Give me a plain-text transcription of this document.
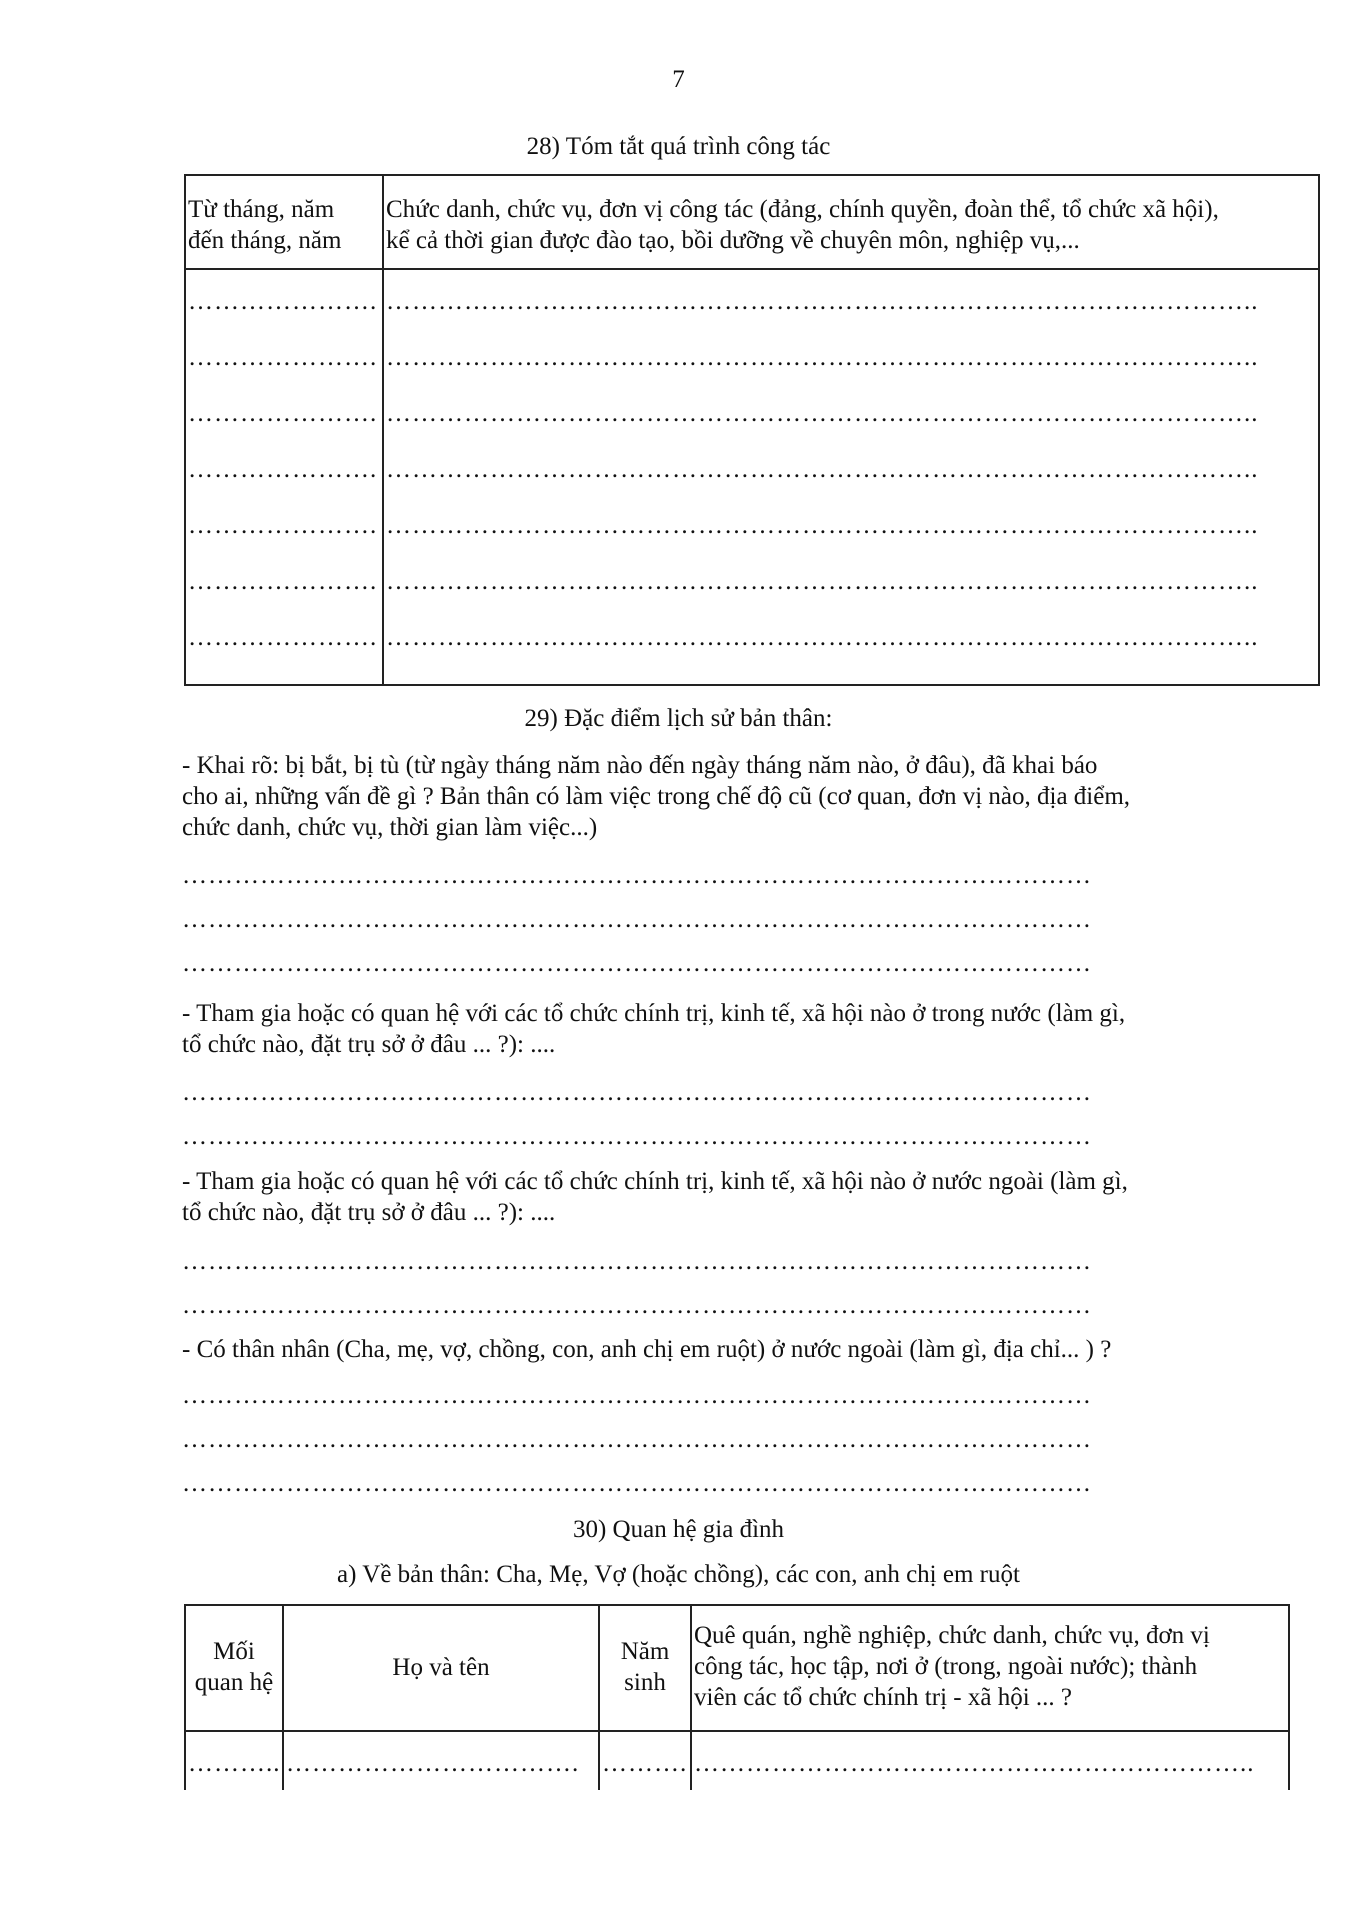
7
28) Tóm tắt quá trình công tác
Từ tháng, năm
đến tháng, năm
Chức danh, chức vụ, đơn vị công tác (đảng, chính quyền, đoàn thể, tổ chức xã hội),
kể cả thời gian được đào tạo, bồi dưỡng về chuyên môn, nghiệp vụ,...
…………………. ………………………………………………………………………………………..
…………………. ………………………………………………………………………………………..
…………………. ………………………………………………………………………………………..
…………………. ………………………………………………………………………………………..
…………………. ………………………………………………………………………………………..
…………………. ………………………………………………………………………………………..
…………………. ………………………………………………………………………………………..
29) Đặc điểm lịch sử bản thân:
- Khai rõ: bị bắt, bị tù (từ ngày tháng năm nào đến ngày tháng năm nào, ở đâu), đã khai báo
cho ai, những vấn đề gì ? Bản thân có làm việc trong chế độ cũ (cơ quan, đơn vị nào, địa điểm,
chức danh, chức vụ, thời gian làm việc...)
……………………………………………………………………………………………
……………………………………………………………………………………………
……………………………………………………………………………………………
- Tham gia hoặc có quan hệ với các tổ chức chính trị, kinh tế, xã hội nào ở trong nước (làm gì,
tổ chức nào, đặt trụ sở ở đâu ... ?): ....
……………………………………………………………………………………………
……………………………………………………………………………………………
- Tham gia hoặc có quan hệ với các tổ chức chính trị, kinh tế, xã hội nào ở nước ngoài (làm gì,
tổ chức nào, đặt trụ sở ở đâu ... ?): ....
……………………………………………………………………………………………
……………………………………………………………………………………………
- Có thân nhân (Cha, mẹ, vợ, chồng, con, anh chị em ruột) ở nước ngoài (làm gì, địa chỉ... ) ?
……………………………………………………………………………………………
……………………………………………………………………………………………
……………………………………………………………………………………………
30) Quan hệ gia đình
a) Về bản thân: Cha, Mẹ, Vợ (hoặc chồng), các con, anh chị em ruột
Mối
quan hệ
Họ và tên
Năm
sinh
Quê quán, nghề nghiệp, chức danh, chức vụ, đơn vị
công tác, học tập, nơi ở (trong, ngoài nước); thành
viên các tổ chức chính trị - xã hội ... ?
……….. ……………………………. ………. ………………………………………………………..
